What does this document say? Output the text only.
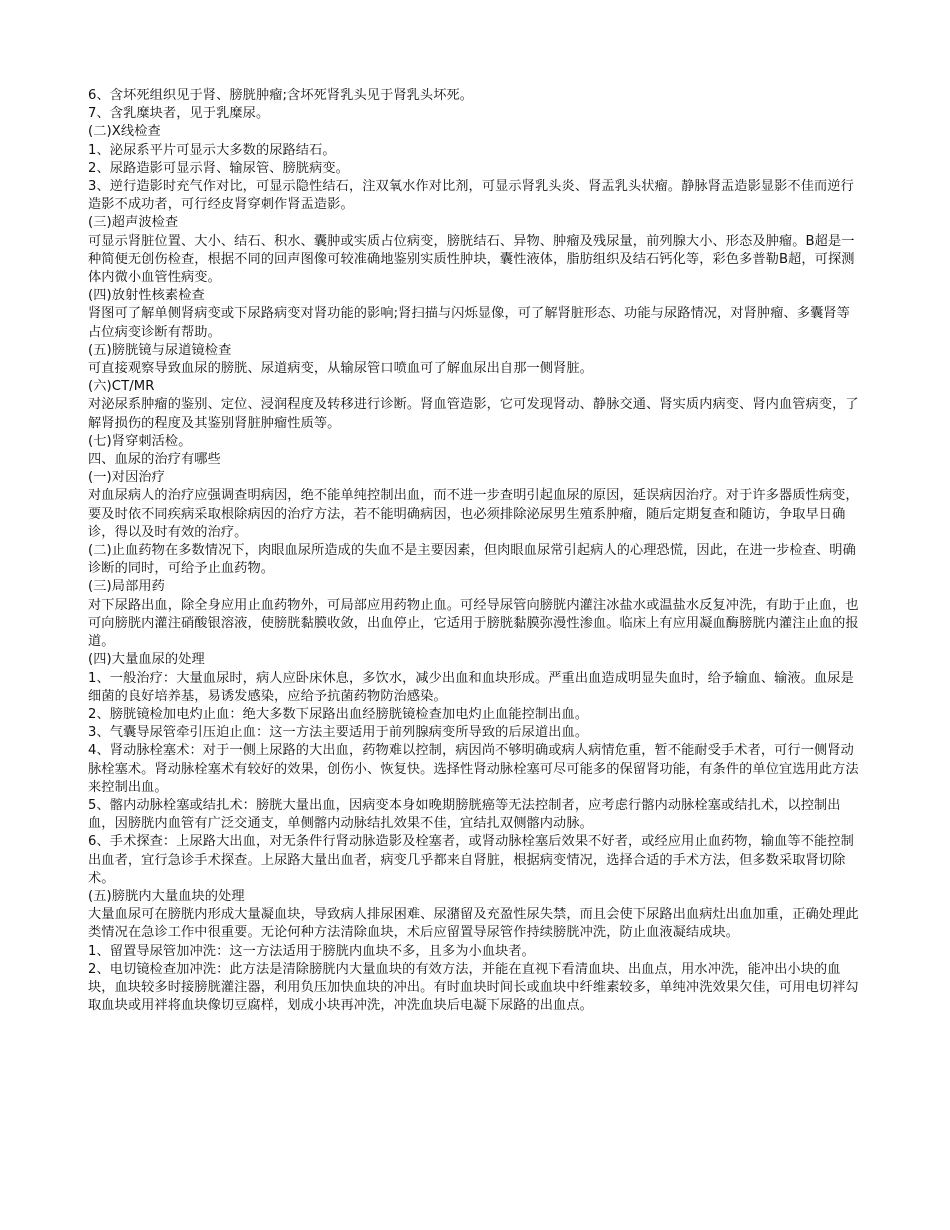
6、含坏死组织见于肾、膀胱肿瘤;含坏死肾乳头见于肾乳头坏死。
7、含乳糜块者，见于乳糜尿。
(二)X线检查
1、泌尿系平片可显示大多数的尿路结石。
2、尿路造影可显示肾、输尿管、膀胱病变。
3、逆行造影时充气作对比，可显示隐性结石，注双氧水作对比剂，可显示肾乳头炎、肾盂乳头状瘤。静脉肾盂造影显影不佳而逆行造影不成功者，可行经皮肾穿刺作肾盂造影。
(三)超声波检查
可显示肾脏位置、大小、结石、积水、囊肿或实质占位病变，膀胱结石、异物、肿瘤及残尿量，前列腺大小、形态及肿瘤。B超是一种简便无创伤检查，根据不同的回声图像可较准确地鉴别实质性肿块，囊性液体，脂肪组织及结石钙化等，彩色多普勒B超，可探测体内微小血管性病变。
(四)放射性核素检查
肾图可了解单侧肾病变或下尿路病变对肾功能的影响;肾扫描与闪烁显像，可了解肾脏形态、功能与尿路情况，对肾肿瘤、多囊肾等占位病变诊断有帮助。
(五)膀胱镜与尿道镜检查
可直接观察导致血尿的膀胱、尿道病变，从输尿管口喷血可了解血尿出自那一侧肾脏。
(六)CT/MR
对泌尿系肿瘤的鉴别、定位、浸润程度及转移进行诊断。肾血管造影，它可发现肾动、静脉交通、肾实质内病变、肾内血管病变，了解肾损伤的程度及其鉴别肾脏肿瘤性质等。
(七)肾穿刺活检。
四、血尿的治疗有哪些
(一)对因治疗
对血尿病人的治疗应强调查明病因，绝不能单纯控制出血，而不进一步查明引起血尿的原因，延误病因治疗。对于许多器质性病变，要及时依不同疾病采取根除病因的治疗方法，若不能明确病因，也必须排除泌尿男生殖系肿瘤，随后定期复查和随访，争取早日确诊，得以及时有效的治疗。
(二)止血药物在多数情况下，肉眼血尿所造成的失血不是主要因素，但肉眼血尿常引起病人的心理恐慌，因此，在进一步检查、明确诊断的同时，可给予止血药物。
(三)局部用药
对下尿路出血，除全身应用止血药物外，可局部应用药物止血。可经导尿管向膀胱内灌注冰盐水或温盐水反复冲洗，有助于止血，也可向膀胱内灌注硝酸银溶液，使膀胱黏膜收敛，出血停止，它适用于膀胱黏膜弥漫性渗血。临床上有应用凝血酶膀胱内灌注止血的报道。
(四)大量血尿的处理
1、一般治疗：大量血尿时，病人应卧床休息，多饮水，减少出血和血块形成。严重出血造成明显失血时，给予输血、输液。血尿是细菌的良好培养基，易诱发感染，应给予抗菌药物防治感染。
2、膀胱镜检加电灼止血：绝大多数下尿路出血经膀胱镜检查加电灼止血能控制出血。
3、气囊导尿管牵引压迫止血：这一方法主要适用于前列腺病变所导致的后尿道出血。
4、肾动脉栓塞术：对于一侧上尿路的大出血，药物难以控制，病因尚不够明确或病人病情危重，暂不能耐受手术者，可行一侧肾动脉栓塞术。肾动脉栓塞术有较好的效果，创伤小、恢复快。选择性肾动脉栓塞可尽可能多的保留肾功能，有条件的单位宜选用此方法来控制出血。
5、髂内动脉栓塞或结扎术：膀胱大量出血，因病变本身如晚期膀胱癌等无法控制者，应考虑行髂内动脉栓塞或结扎术，以控制出血，因膀胱内血管有广泛交通支，单侧髂内动脉结扎效果不佳，宜结扎双侧髂内动脉。
6、手术探查：上尿路大出血，对无条件行肾动脉造影及栓塞者，或肾动脉栓塞后效果不好者，或经应用止血药物，输血等不能控制出血者，宜行急诊手术探查。上尿路大量出血者，病变几乎都来自肾脏，根据病变情况，选择合适的手术方法，但多数采取肾切除术。
(五)膀胱内大量血块的处理
大量血尿可在膀胱内形成大量凝血块，导致病人排尿困难、尿潴留及充盈性尿失禁，而且会使下尿路出血病灶出血加重，正确处理此类情况在急诊工作中很重要。无论何种方法清除血块，术后应留置导尿管作持续膀胱冲洗，防止血液凝结成块。
1、留置导尿管加冲洗：这一方法适用于膀胱内血块不多，且多为小血块者。
2、电切镜检查加冲洗：此方法是清除膀胱内大量血块的有效方法，并能在直视下看清血块、出血点，用水冲洗，能冲出小块的血块，血块较多时接膀胱灌注器，利用负压加快血块的冲出。有时血块时间长或血块中纤维素较多，单纯冲洗效果欠佳，可用电切袢勾取血块或用袢将血块像切豆腐样，划成小块再冲洗，冲洗血块后电凝下尿路的出血点。
